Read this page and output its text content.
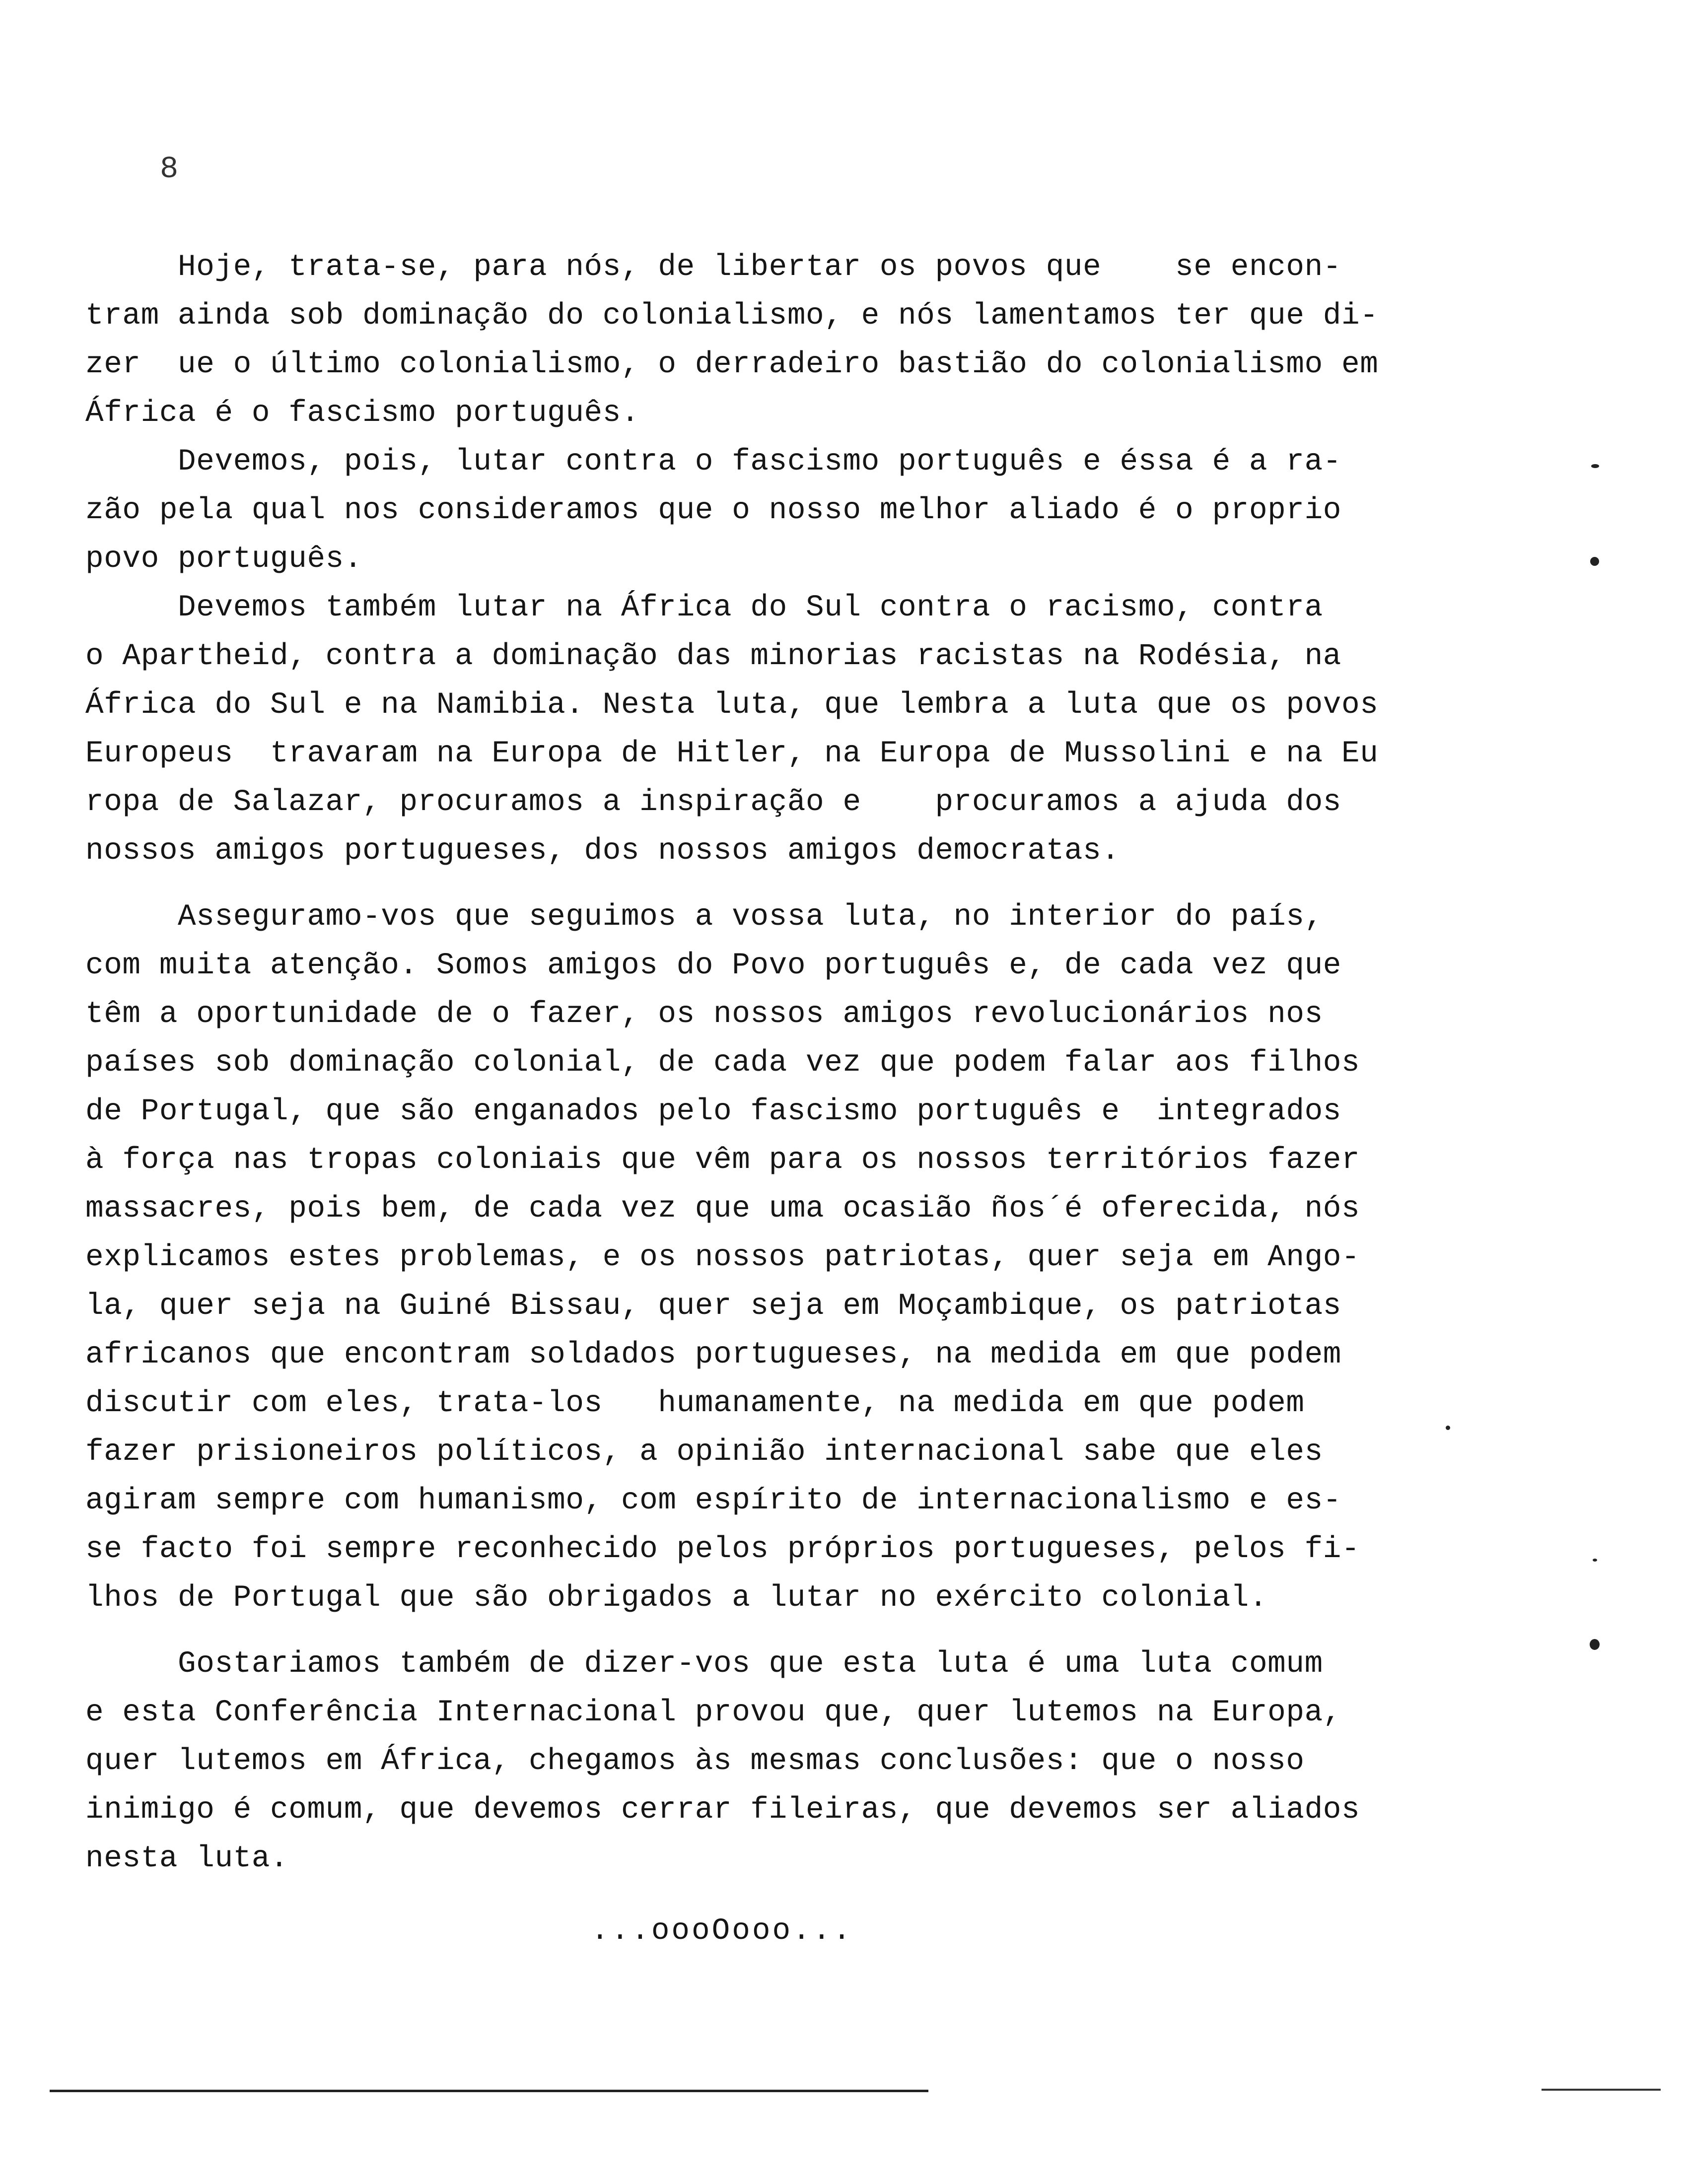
8
Hoje, trata-se, para nós, de libertar os povos que    se encon-
tram ainda sob dominação do colonialismo, e nós lamentamos ter que di-
zer  ue o último colonialismo, o derradeiro bastião do colonialismo em
África é o fascismo português.
Devemos, pois, lutar contra o fascismo português e éssa é a ra-
zão pela qual nos consideramos que o nosso melhor aliado é o proprio
povo português.
Devemos também lutar na África do Sul contra o racismo, contra
o Apartheid, contra a dominação das minorias racistas na Rodésia, na
África do Sul e na Namibia. Nesta luta, que lembra a luta que os povos
Europeus  travaram na Europa de Hitler, na Europa de Mussolini e na Eu
ropa de Salazar, procuramos a inspiração e    procuramos a ajuda dos
nossos amigos portugueses, dos nossos amigos democratas.
Asseguramo-vos que seguimos a vossa luta, no interior do país,
com muita atenção. Somos amigos do Povo português e, de cada vez que
têm a oportunidade de o fazer, os nossos amigos revolucionários nos
países sob dominação colonial, de cada vez que podem falar aos filhos
de Portugal, que são enganados pelo fascismo português e  integrados
à força nas tropas coloniais que vêm para os nossos territórios fazer
massacres, pois bem, de cada vez que uma ocasião ños´é oferecida, nós
explicamos estes problemas, e os nossos patriotas, quer seja em Ango-
la, quer seja na Guiné Bissau, quer seja em Moçambique, os patriotas
africanos que encontram soldados portugueses, na medida em que podem
discutir com eles, trata-los   humanamente, na medida em que podem
fazer prisioneiros políticos, a opinião internacional sabe que eles
agiram sempre com humanismo, com espírito de internacionalismo e es-
se facto foi sempre reconhecido pelos próprios portugueses, pelos fi-
lhos de Portugal que são obrigados a lutar no exército colonial.
Gostariamos também de dizer-vos que esta luta é uma luta comum
e esta Conferência Internacional provou que, quer lutemos na Europa,
quer lutemos em África, chegamos às mesmas conclusões: que o nosso
inimigo é comum, que devemos cerrar fileiras, que devemos ser aliados
nesta luta.
...oooOooo...
